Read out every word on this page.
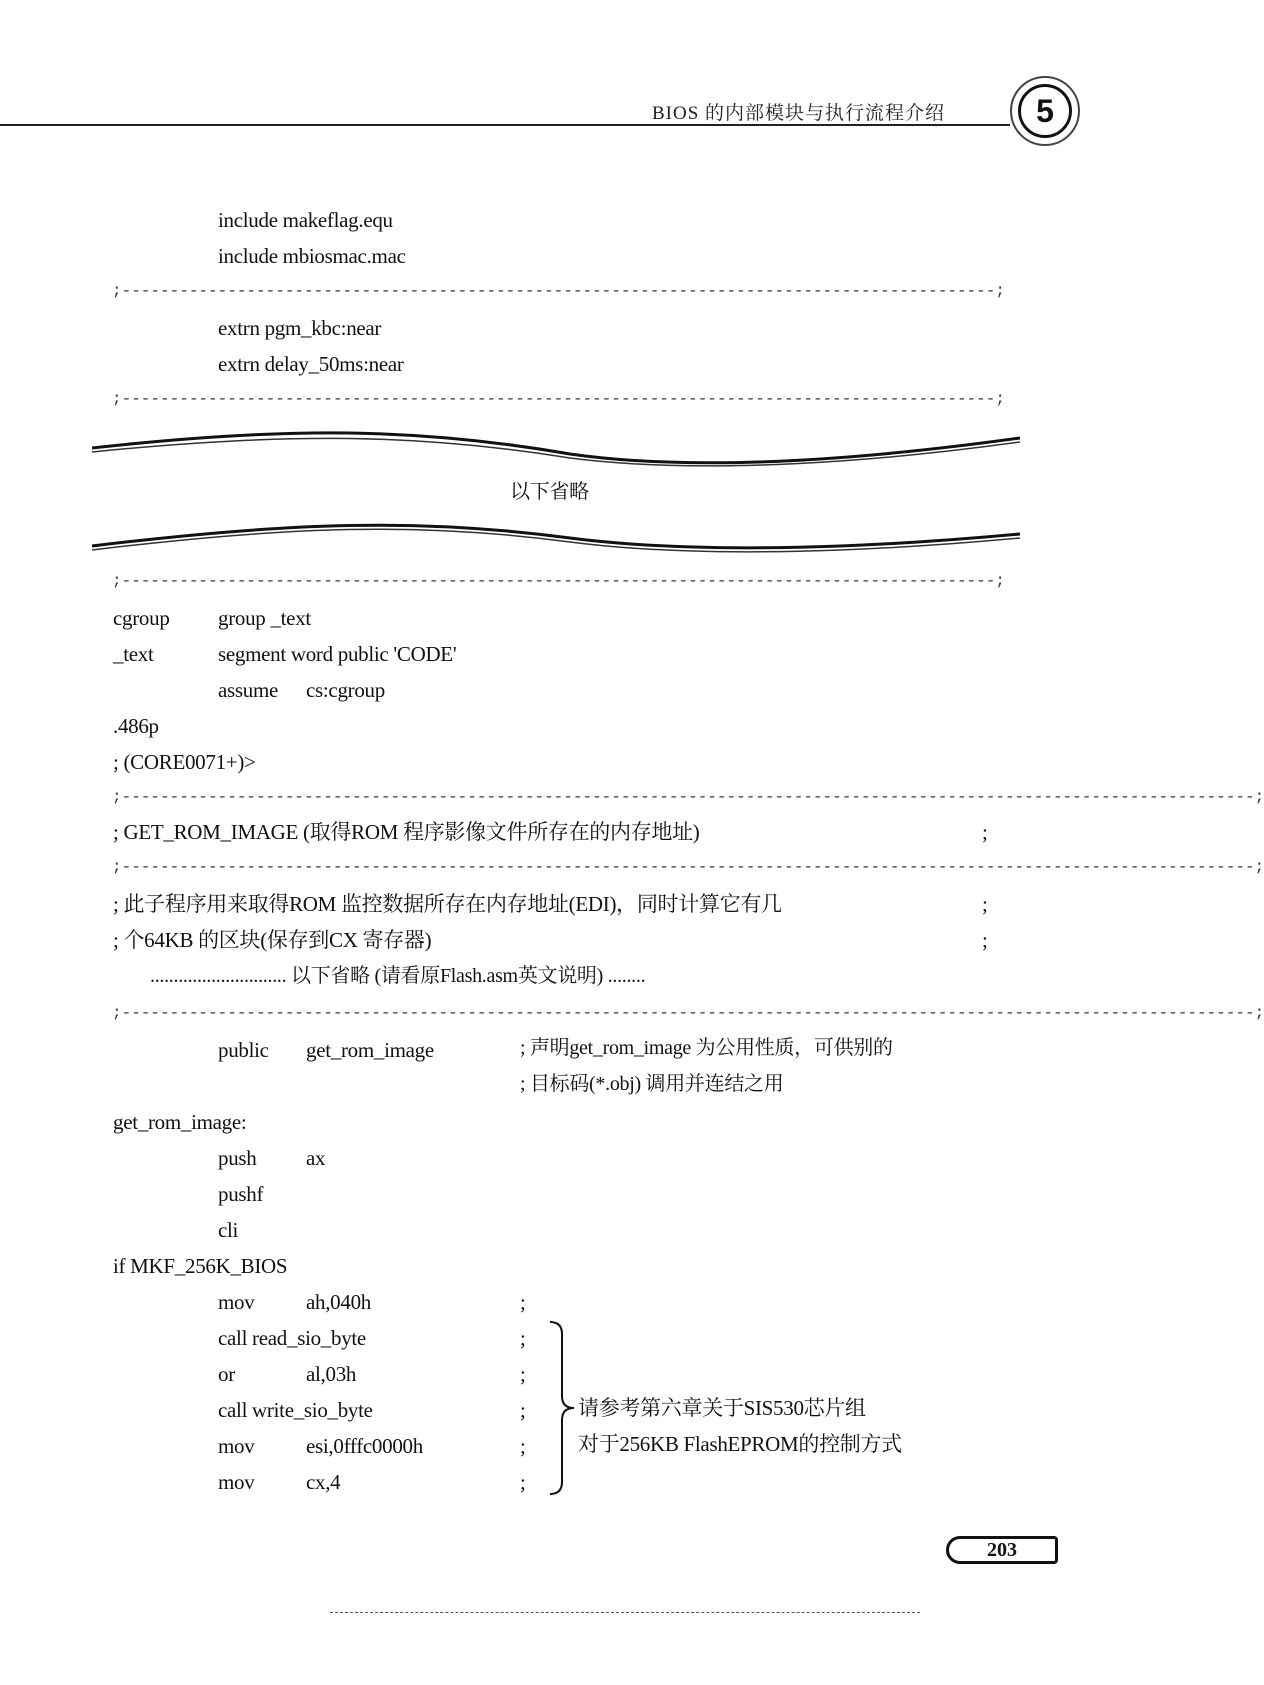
BIOS 的内部模块与执行流程介绍	5
include makeflag.equ
include mbiosmac.mac
;-------------------------------------------------------------------------------------------;
extrn pgm_kbc:near
extrn delay_50ms:near
;-------------------------------------------------------------------------------------------;
以下省略
;-------------------------------------------------------------------------------------------;
cgroup group _text
_text	segment word public 'CODE'
assume cs:cgroup
.486p
; (CORE0071+)>
;----------------------------------------------------------------------------------------------------------------------;
; GET_ROM_IMAGE (取得ROM 程序影像文件所存在的内存地址)	;
;----------------------------------------------------------------------------------------------------------------------;
; 此子程序用来取得ROM 监控数据所存在内存地址(EDI)，同时计算它有几	;
; 个64KB 的区块(保存到CX 寄存器)	;
............................. 以下省略 (请看原Flash.asm英文说明) ........
;----------------------------------------------------------------------------------------------------------------------;
public get_rom_image	; 声明get_rom_image 为公用性质，可供别的
; 目标码(*.obj) 调用并连结之用
get_rom_image:
push ax
pushf
cli
if MKF_256K_BIOS
mov ah,040h	;
call read_sio_byte	;
or	al,03h	;
call write_sio_byte	;
mov esi,0fffc0000h	;
mov cx,4	;
请参考第六章关于SIS530芯片组
对于256KB FlashEPROM的控制方式
203
